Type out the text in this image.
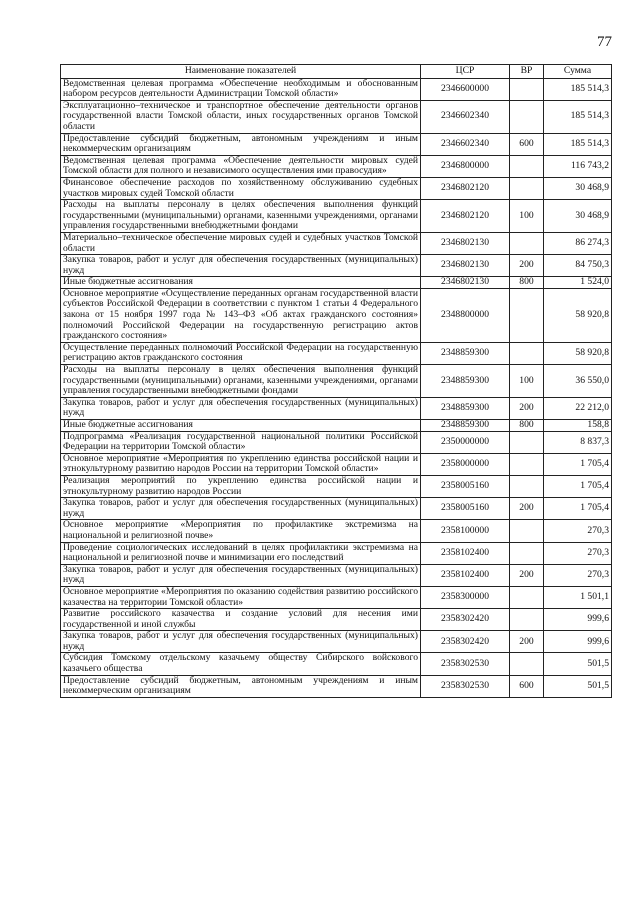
77
Наименование показателей	ЦСР	ВР	Сумма
Ведомственная целевая программа «Обеспечение необходимым и обоснованным набором ресурсов деятельности Администрации Томской области»	2346600000		185 514,3
Эксплуатационно–техническое и транспортное обеспечение деятельности органов государственной власти Томской области, иных государственных органов Томской области	2346602340		185 514,3
Предоставление субсидий бюджетным, автономным учреждениям и иным некоммерческим организациям	2346602340	600	185 514,3
Ведомственная целевая программа «Обеспечение деятельности мировых судей Томской области для полного и независимого осуществления ими правосудия»	2346800000		116 743,2
Финансовое обеспечение расходов по хозяйственному обслуживанию судебных участков мировых судей Томской области	2346802120		30 468,9
Расходы на выплаты персоналу в целях обеспечения выполнения функций государственными (муниципальными) органами, казенными учреждениями, органами управления государственными внебюджетными фондами	2346802120	100	30 468,9
Материально–техническое обеспечение мировых судей и судебных участков Томской области	2346802130		86 274,3
Закупка товаров, работ и услуг для обеспечения государственных (муниципальных) нужд	2346802130	200	84 750,3
Иные бюджетные ассигнования	2346802130	800	1 524,0
Основное мероприятие «Осуществление переданных органам государственной власти субъектов Российской Федерации в соответствии с пунктом 1 статьи 4 Федерального закона от 15 ноября 1997 года № 143–ФЗ «Об актах гражданского состояния» полномочий Российской Федерации на государственную регистрацию актов гражданского состояния»	2348800000		58 920,8
Осуществление переданных полномочий Российской Федерации на государственную регистрацию актов гражданского состояния	2348859300		58 920,8
Расходы на выплаты персоналу в целях обеспечения выполнения функций государственными (муниципальными) органами, казенными учреждениями, органами управления государственными внебюджетными фондами	2348859300	100	36 550,0
Закупка товаров, работ и услуг для обеспечения государственных (муниципальных) нужд	2348859300	200	22 212,0
Иные бюджетные ассигнования	2348859300	800	158,8
Подпрограмма «Реализация государственной национальной политики Российской Федерации на территории Томской области»	2350000000		8 837,3
Основное мероприятие «Мероприятия по укреплению единства российской нации и этнокультурному развитию народов России на территории Томской области»	2358000000		1 705,4
Реализация мероприятий по укреплению единства российской нации и этнокультурному развитию народов России	2358005160		1 705,4
Закупка товаров, работ и услуг для обеспечения государственных (муниципальных) нужд	2358005160	200	1 705,4
Основное мероприятие «Мероприятия по профилактике экстремизма на национальной и религиозной почве»	2358100000		270,3
Проведение социологических исследований в целях профилактики экстремизма на национальной и религиозной почве и минимизации его последствий	2358102400		270,3
Закупка товаров, работ и услуг для обеспечения государственных (муниципальных) нужд	2358102400	200	270,3
Основное мероприятие «Мероприятия по оказанию содействия развитию российского казачества на территории Томской области»	2358300000		1 501,1
Развитие российского казачества и создание условий для несения ими государственной и иной службы	2358302420		999,6
Закупка товаров, работ и услуг для обеспечения государственных (муниципальных) нужд	2358302420	200	999,6
Субсидия Томскому отдельскому казачьему обществу Сибирского войскового казачьего общества	2358302530		501,5
Предоставление субсидий бюджетным, автономным учреждениям и иным некоммерческим организациям	2358302530	600	501,5
